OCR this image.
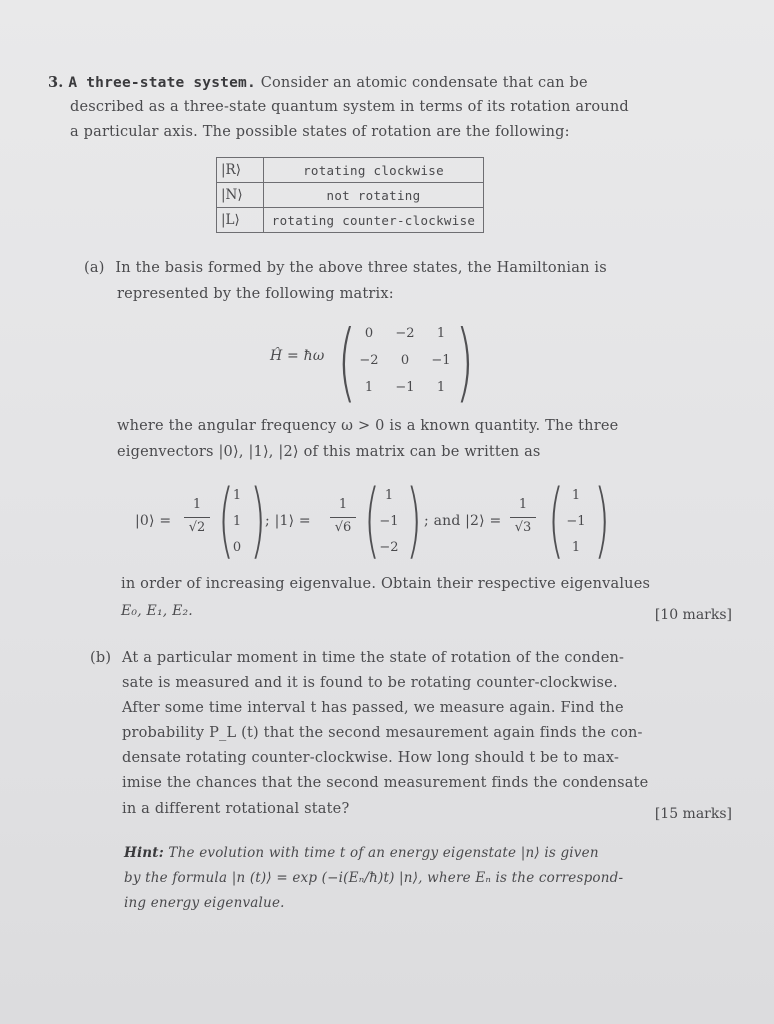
3. A three-state system. Consider an atomic condensate that can be
described as a three-state quantum system in terms of its rotation around
a particular axis. The possible states of rotation are the following:
|R⟩	rotating clockwise
|N⟩	not rotating
|L⟩	rotating counter-clockwise
(a) In the basis formed by the above three states, the Hamiltonian is
represented by the following matrix:
Ĥ = ħω ( )
0	−2	1
−2	0	−1
1	−1	1
where the angular frequency ω > 0 is a known quantity. The three
eigenvectors |0⟩, |1⟩, |2⟩ of this matrix can be written as
|0⟩ =
1
√2 (
1
1
0 ) ; |1⟩ =
1
√6 ( 1
−1
−2 ) ; and |2⟩ =
1
√3 ( 1
−1
1 )
in order of increasing eigenvalue. Obtain their respective eigenvalues
E₀, E₁, E₂.	[10 marks]
(b) At a particular moment in time the state of rotation of the conden-
sate is measured and it is found to be rotating counter-clockwise.
After some time interval t has passed, we measure again. Find the
probability P_L (t) that the second mesaurement again finds the con-
densate rotating counter-clockwise. How long should t be to max-
imise the chances that the second measurement finds the condensate
in a different rotational state?	[15 marks]
Hint: The evolution with time t of an energy eigenstate |n⟩ is given
by the formula |n (t)⟩ = exp (−i(Eₙ/ħ)t) |n⟩, where Eₙ is the correspond-
ing energy eigenvalue.
